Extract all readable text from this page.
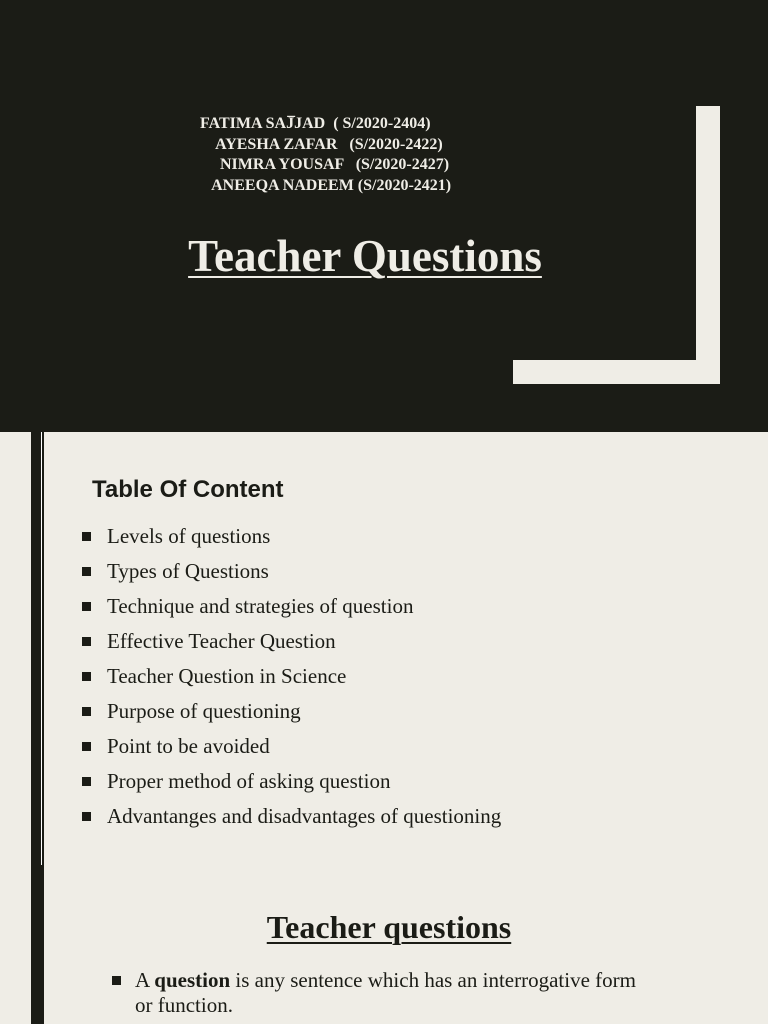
FATIMA SAJ̅JAD  ( S/2020-2404)
AYESHA ZAFAR   (S/2020-2422)
NIMRA YOUSAF   (S/2020-2427)
ANEEQA NADEEM (S/2020-2421)
Teacher Questions
Table Of Content
Levels of questions
Types of Questions
Technique and strategies of question
Effective Teacher Question
Teacher Question in Science
Purpose of questioning
Point to be avoided
Proper method of asking question
Advantanges and disadvantages of questioning
Teacher questions
A question is any sentence which has an interrogative form or function.
